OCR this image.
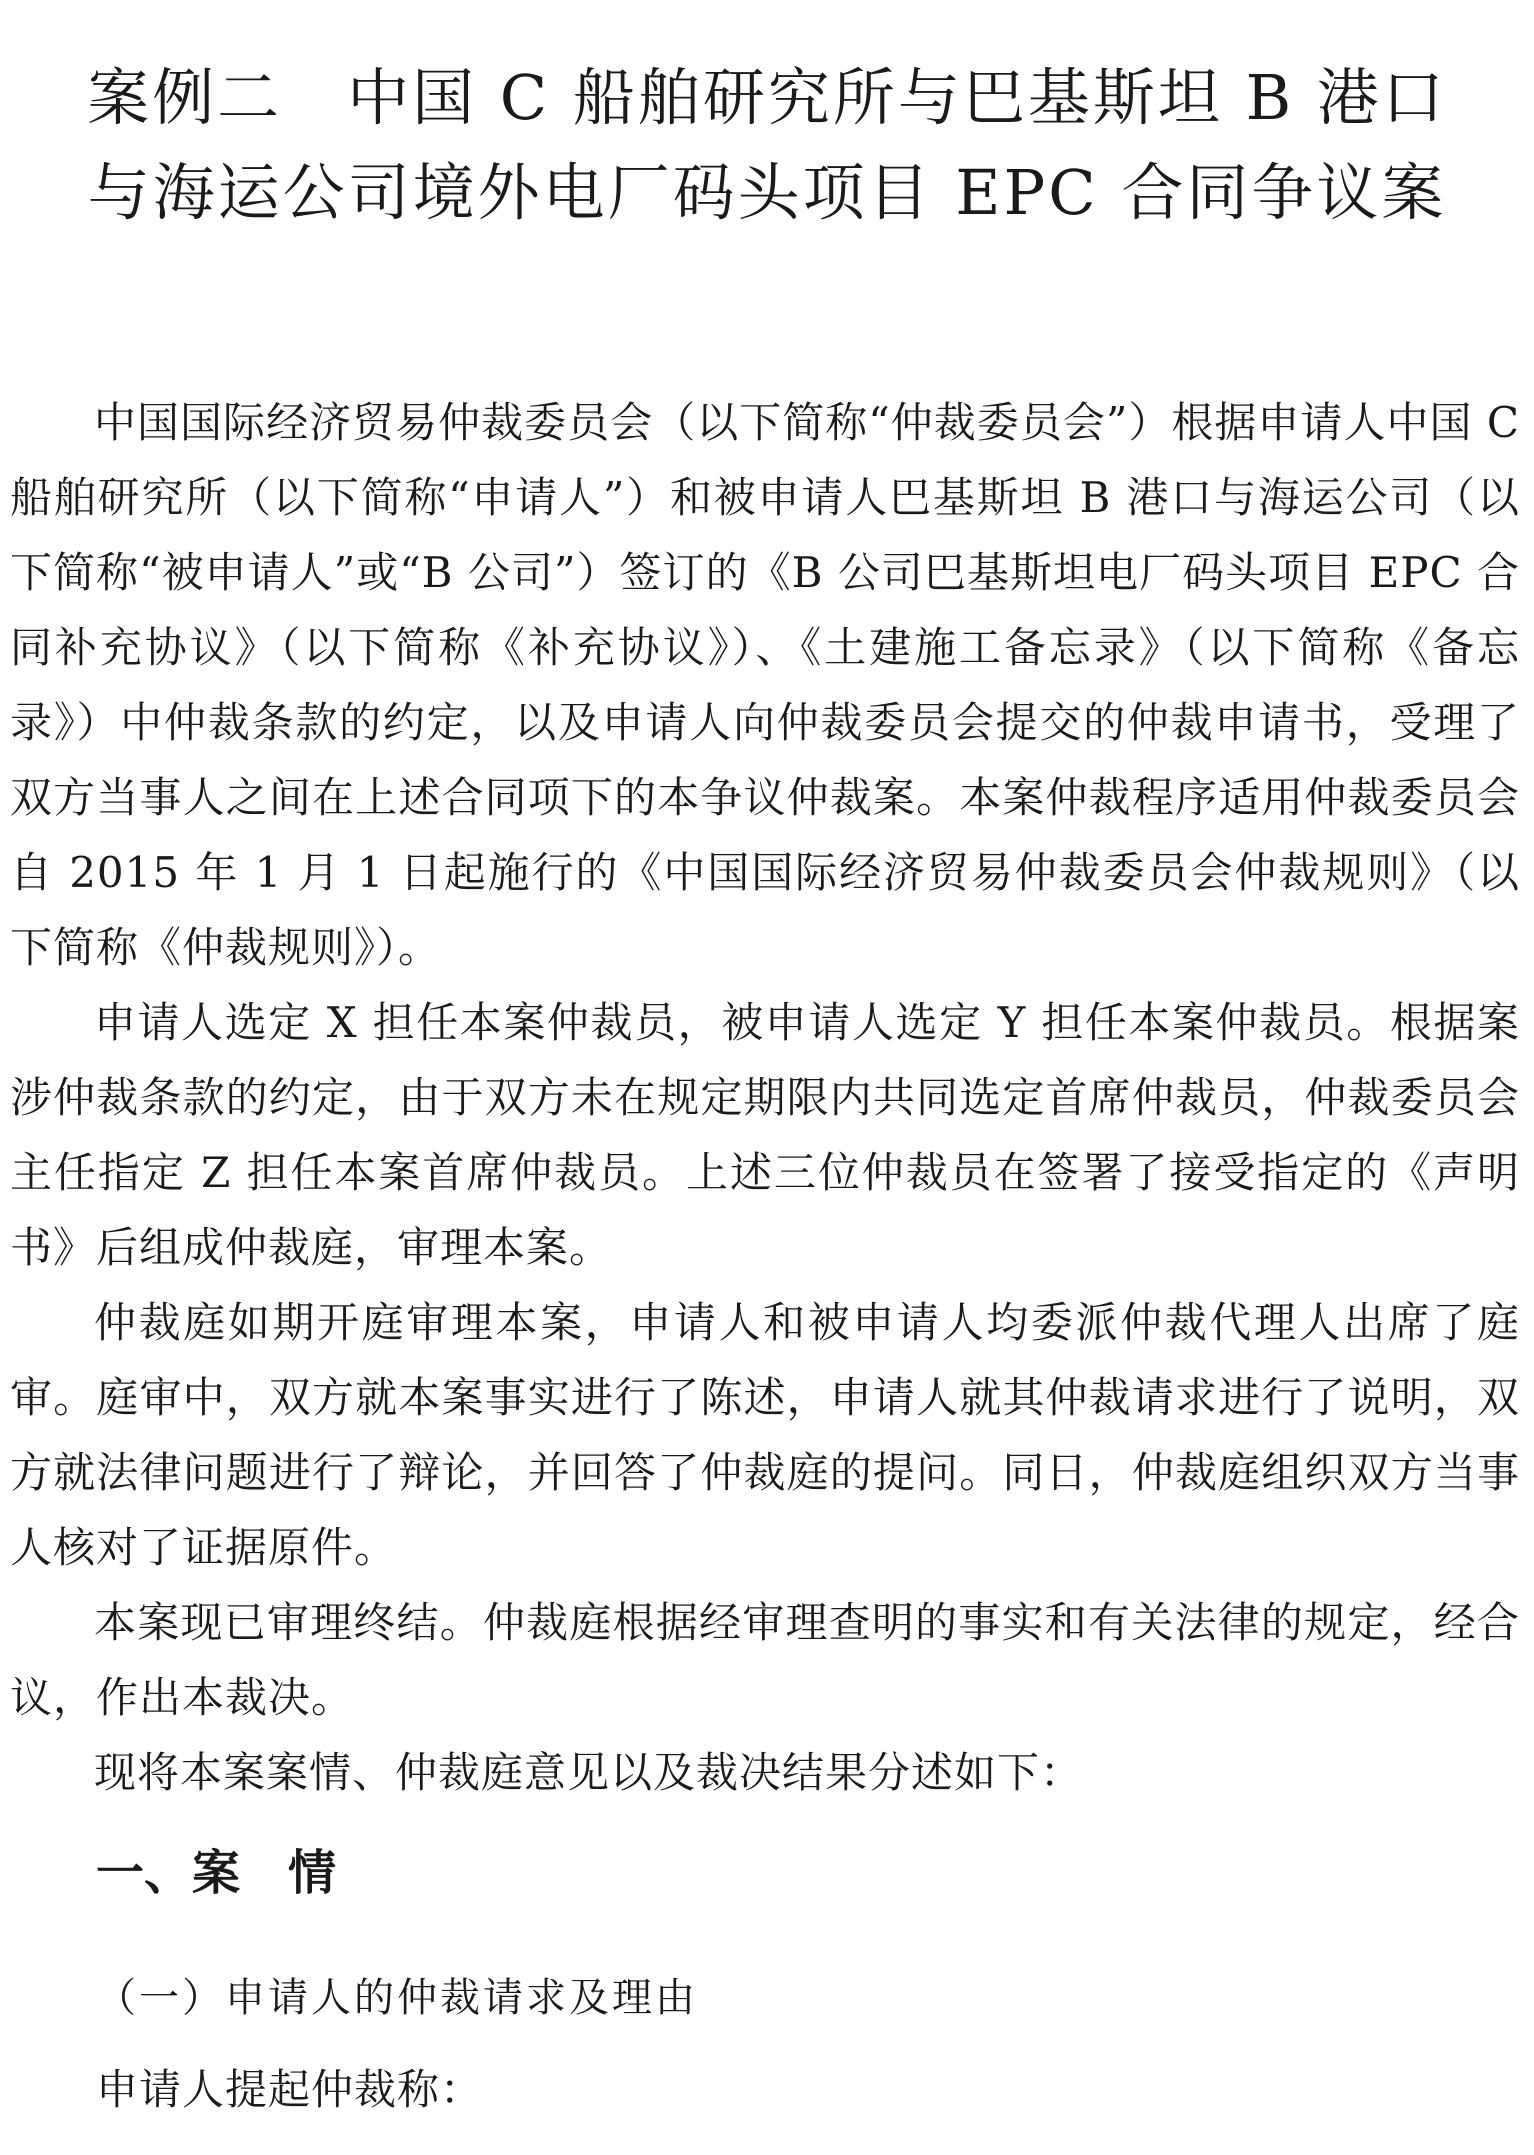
案例二　中国 C 船舶研究所与巴基斯坦 B 港口
与海运公司境外电厂码头项目 EPC 合同争议案

中国国际经济贸易仲裁委员会（以下简称“仲裁委员会”）根据申请人中国 C 船舶研究所（以下简称“申请人”）和被申请人巴基斯坦 B 港口与海运公司（以下简称“被申请人”或“B 公司”）签订的《B 公司巴基斯坦电厂码头项目 EPC 合同补充协议》（以下简称《补充协议》）、《土建施工备忘录》（以下简称《备忘录》）中仲裁条款的约定，以及申请人向仲裁委员会提交的仲裁申请书，受理了双方当事人之间在上述合同项下的本争议仲裁案。本案仲裁程序适用仲裁委员会自 2015 年 1 月 1 日起施行的《中国国际经济贸易仲裁委员会仲裁规则》（以下简称《仲裁规则》）。

申请人选定 X 担任本案仲裁员，被申请人选定 Y 担任本案仲裁员。根据案涉仲裁条款的约定，由于双方未在规定期限内共同选定首席仲裁员，仲裁委员会主任指定 Z 担任本案首席仲裁员。上述三位仲裁员在签署了接受指定的《声明书》后组成仲裁庭，审理本案。

仲裁庭如期开庭审理本案，申请人和被申请人均委派仲裁代理人出席了庭审。庭审中，双方就本案事实进行了陈述，申请人就其仲裁请求进行了说明，双方就法律问题进行了辩论，并回答了仲裁庭的提问。同日，仲裁庭组织双方当事人核对了证据原件。

本案现已审理终结。仲裁庭根据经审理查明的事实和有关法律的规定，经合议，作出本裁决。

现将本案案情、仲裁庭意见以及裁决结果分述如下：

一、案　情
（一）申请人的仲裁请求及理由
申请人提起仲裁称：
